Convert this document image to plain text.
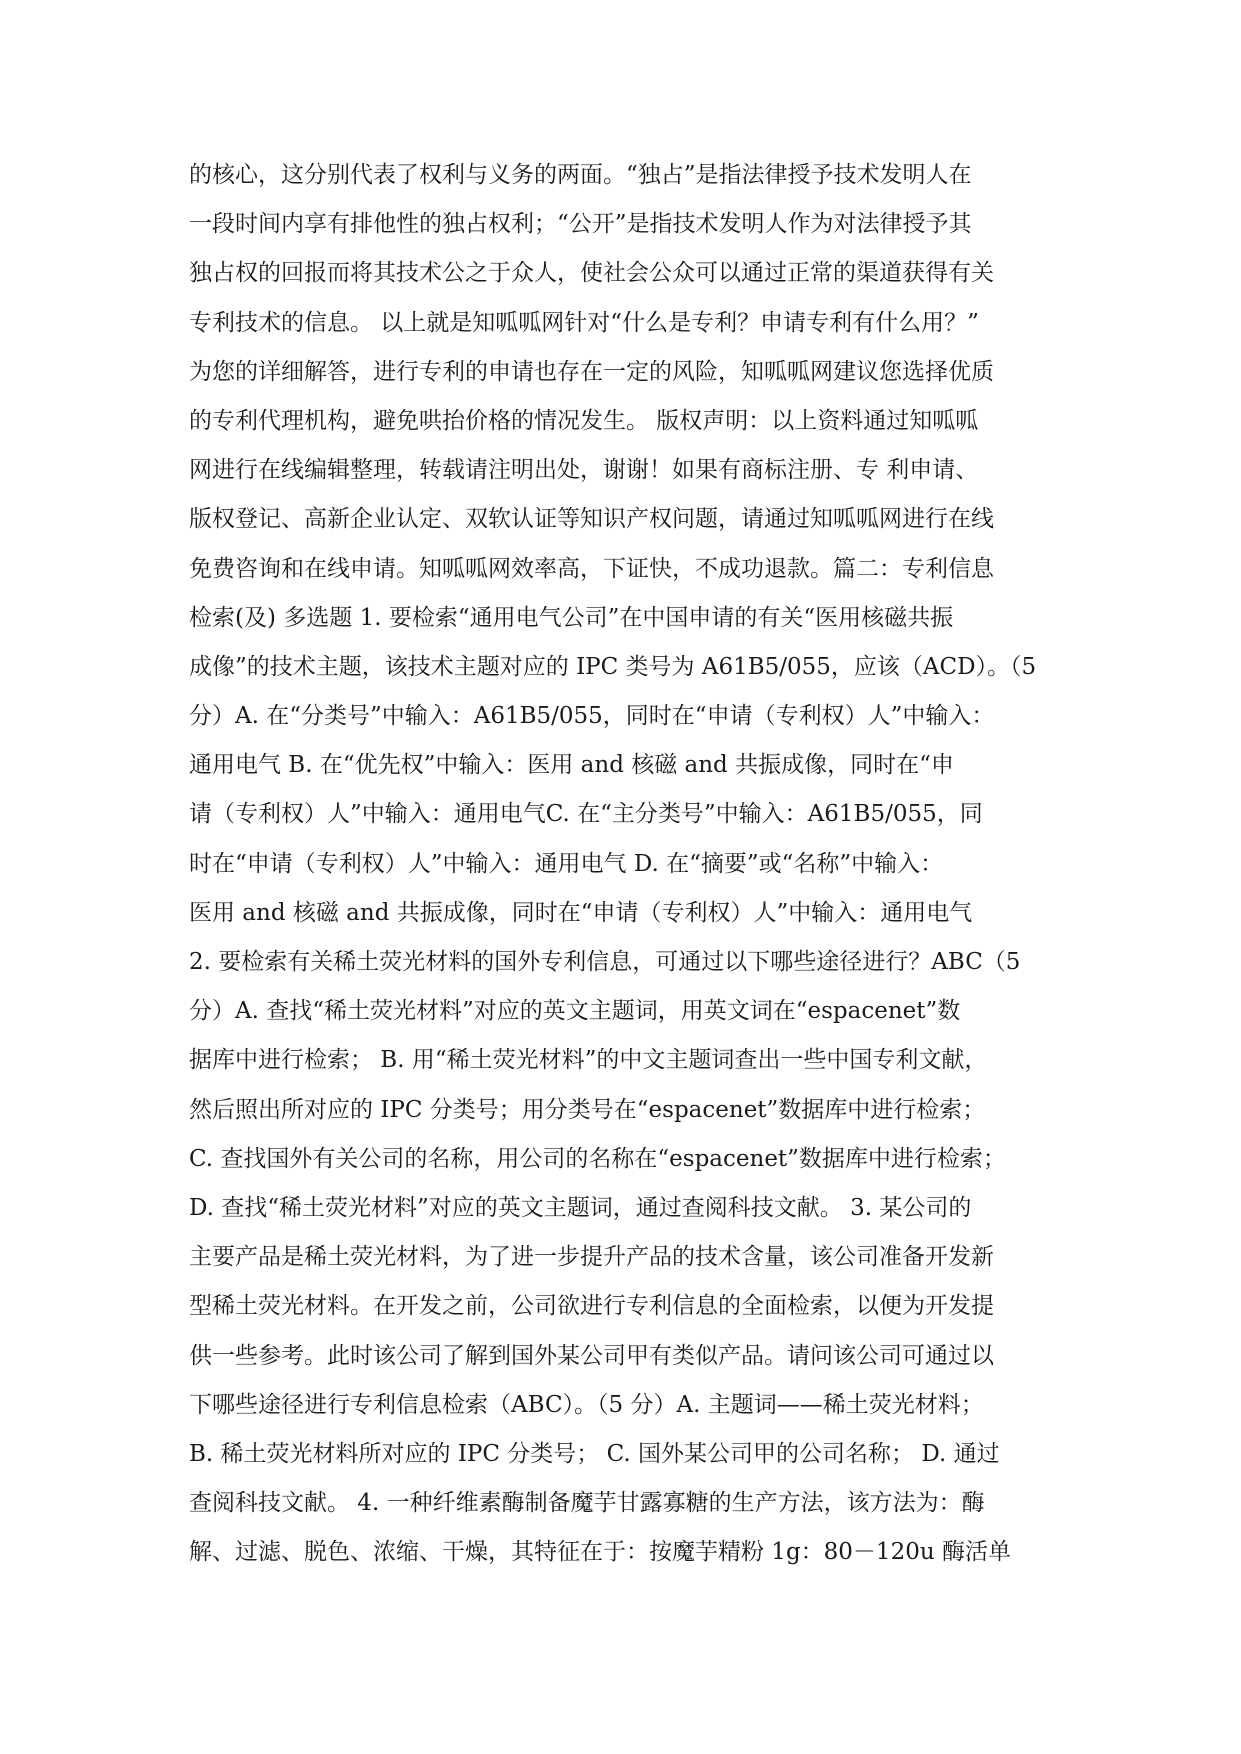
的核心，这分别代表了权利与义务的两面。“独占”是指法律授予技术发明人在
一段时间内享有排他性的独占权利；“公开”是指技术发明人作为对法律授予其
独占权的回报而将其技术公之于众人，使社会公众可以通过正常的渠道获得有关
专利技术的信息。 以上就是知呱呱网针对“什么是专利？申请专利有什么用？”
为您的详细解答，进行专利的申请也存在一定的风险，知呱呱网建议您选择优质
的专利代理机构，避免哄抬价格的情况发生。 版权声明：以上资料通过知呱呱
网进行在线编辑整理，转载请注明出处，谢谢！如果有商标注册、专 利申请、
版权登记、高新企业认定、双软认证等知识产权问题，请通过知呱呱网进行在线
免费咨询和在线申请。知呱呱网效率高，下证快，不成功退款。篇二：专利信息
检索(及) 多选题 1. 要检索“通用电气公司”在中国申请的有关“医用核磁共振
成像”的技术主题，该技术主题对应的 IPC 类号为 A61B5/055，应该（ACD）。（5
分）A. 在“分类号”中输入：A61B5/055，同时在“申请（专利权）人”中输入：
通用电气 B. 在“优先权”中输入：医用 and 核磁 and 共振成像，同时在“申
请（专利权）人”中输入：通用电气C. 在“主分类号”中输入：A61B5/055，同
时在“申请（专利权）人”中输入：通用电气 D. 在“摘要”或“名称”中输入：
医用 and 核磁 and 共振成像，同时在“申请（专利权）人”中输入：通用电气
2. 要检索有关稀土荧光材料的国外专利信息，可通过以下哪些途径进行？ABC（5
分）A. 查找“稀土荧光材料”对应的英文主题词，用英文词在“espacenet”数
据库中进行检索； B. 用“稀土荧光材料”的中文主题词查出一些中国专利文献，
然后照出所对应的 IPC 分类号；用分类号在“espacenet”数据库中进行检索；
C. 查找国外有关公司的名称，用公司的名称在“espacenet”数据库中进行检索；
D. 查找“稀土荧光材料”对应的英文主题词，通过查阅科技文献。 3. 某公司的
主要产品是稀土荧光材料，为了进一步提升产品的技术含量，该公司准备开发新
型稀土荧光材料。在开发之前，公司欲进行专利信息的全面检索，以便为开发提
供一些参考。此时该公司了解到国外某公司甲有类似产品。请问该公司可通过以
下哪些途径进行专利信息检索（ABC）。（5 分）A. 主题词——稀土荧光材料；
B. 稀土荧光材料所对应的 IPC 分类号； C. 国外某公司甲的公司名称； D. 通过
查阅科技文献。 4. 一种纤维素酶制备魔芋甘露寡糖的生产方法，该方法为：酶
解、过滤、脱色、浓缩、干燥，其特征在于：按魔芋精粉 1g：80－120u 酶活单
